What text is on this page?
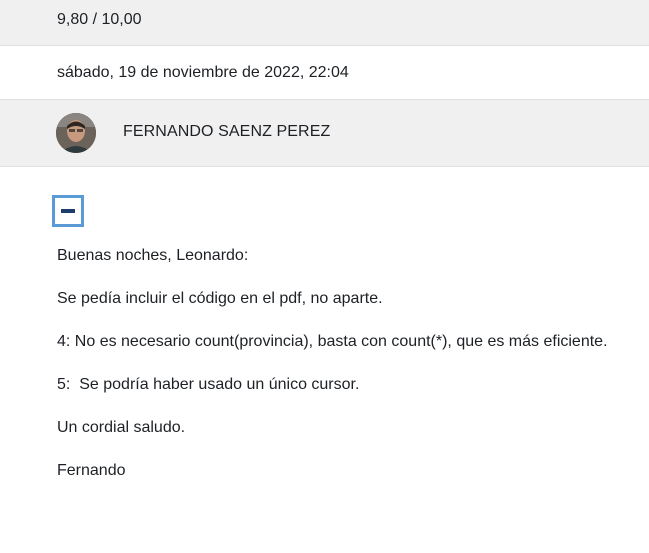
9,80 / 10,00
sábado, 19 de noviembre de 2022, 22:04
FERNANDO SAENZ PEREZ

Buenas noches, Leonardo:

Se pedía incluir el código en el pdf, no aparte.

4: No es necesario count(provincia), basta con count(*), que es más eficiente.

5:  Se podría haber usado un único cursor.

Un cordial saludo.

Fernando
